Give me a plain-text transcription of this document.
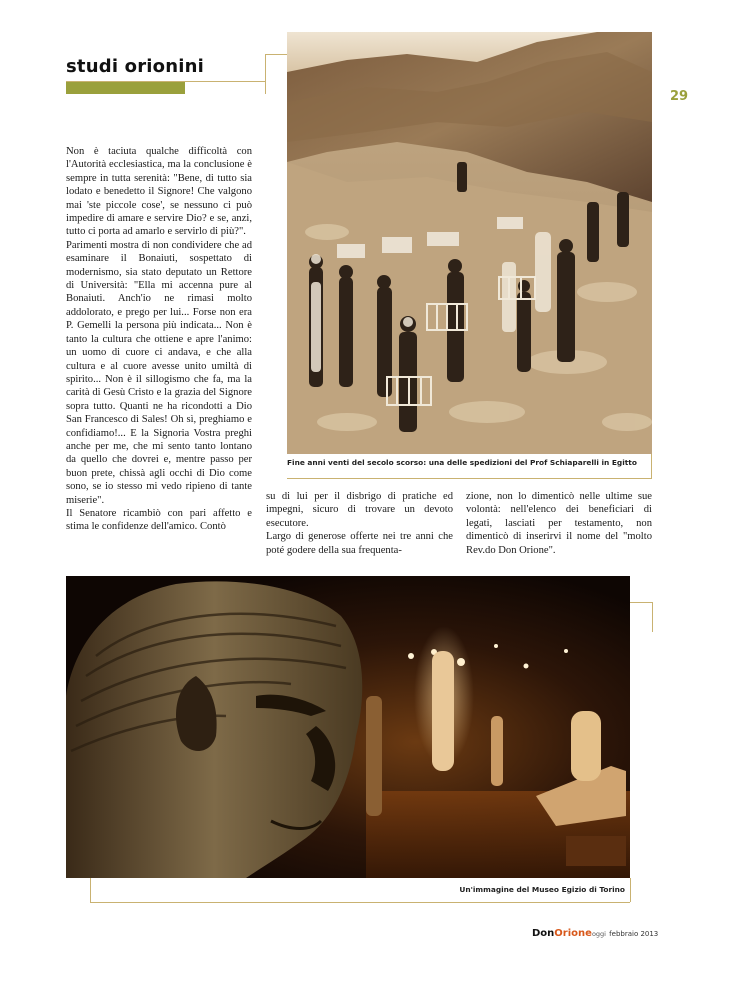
studi orionini
29
Fine anni venti del secolo scorso: una delle spedizioni del Prof Schiaparelli in Egitto

Non è taciuta qualche difficoltà con l'Autorità ecclesiastica, ma la conclusione è sempre in tutta serenità: "Bene, di tutto sia lodato e benedetto il Signore! Che valgono mai 'ste piccole cose', se nessuno ci può impedire di amare e servire Dio? e se, anzi, tutto ci porta ad amarlo e servirlo di più?".

Parimenti mostra di non condividere che ad esaminare il Bonaiuti, sospettato di modernismo, sia stato deputato un Rettore di Università: "Ella mi accenna pure al Bonaiuti. Anch'io ne rimasi molto addolorato, e prego per lui... Forse non era P. Gemelli la persona più indicata... Non è tanto la cultura che ottiene e apre l'animo: un uomo di cuore ci andava, e che alla cultura e al cuore avesse unito umiltà di spirito... Non è il sillogismo che fa, ma la carità di Gesù Cristo e la grazia del Signore sopra tutto. Quanti ne ha ricondotti a Dio San Francesco di Sales! Oh sì, preghiamo e confidiamo!... E la Signoria Vostra preghi anche per me, che mi sento tanto lontano da quello che dovrei e, mentre passo per buon prete, chissà agli occhi di Dio come sono, se io stesso mi vedo ripieno di tante miserie".

Il Senatore ricambiò con pari affetto e stima le confidenze dell'amico. Contò

su di lui per il disbrigo di pratiche ed impegni, sicuro di trovare un devoto esecutore.

Largo di generose offerte nei tre anni che poté godere della sua frequenta-

zione, non lo dimenticò nelle ultime sue volontà: nell'elenco dei beneficiari di legati, lasciati per testamento, non dimenticò di inserirvi il nome del "molto Rev.do Don Orione".

Un'immagine del Museo Egizio di Torino
DonOrioneoggi febbraio 2013
